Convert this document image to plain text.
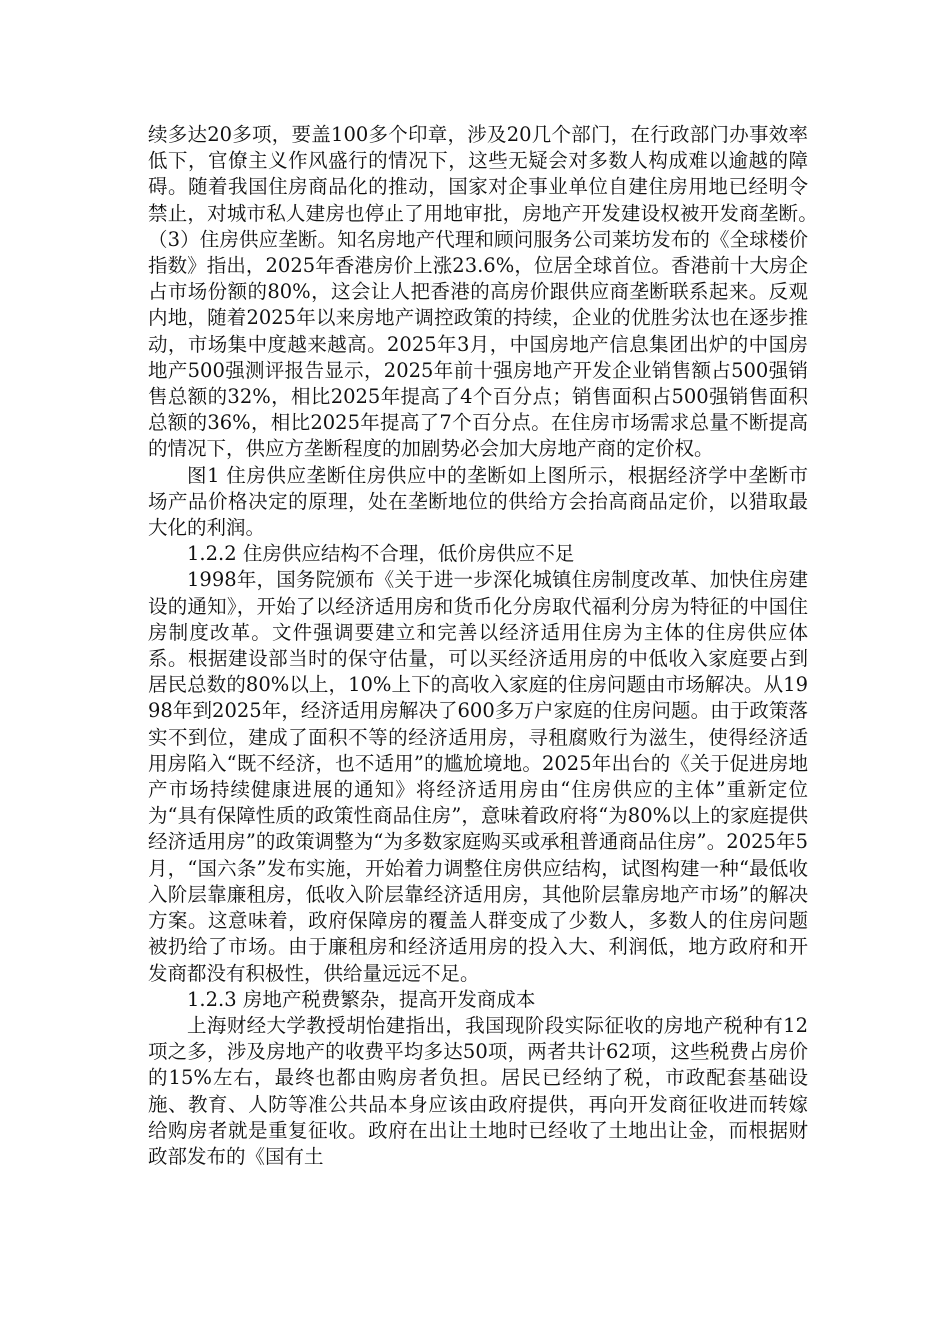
续多达20多项，要盖100多个印章，涉及20几个部门，在行政部门办事效率低下，官僚主义作风盛行的情况下，这些无疑会对多数人构成难以逾越的障碍。随着我国住房商品化的推动，国家对企事业单位自建住房用地已经明令禁止，对城市私人建房也停止了用地审批，房地产开发建设权被开发商垄断。　　　（3）住房供应垄断。知名房地产代理和顾问服务公司莱坊发布的《全球楼价指数》指出，2025年香港房价上涨23.6%，位居全球首位。香港前十大房企占市场份额的80%，这会让人把香港的高房价跟供应商垄断联系起来。反观内地，随着2025年以来房地产调控政策的持续，企业的优胜劣汰也在逐步推动，市场集中度越来越高。2025年3月，中国房地产信息集团出炉的中国房地产500强测评报告显示，2025年前十强房地产开发企业销售额占500强销售总额的32%，相比2025年提高了4个百分点；销售面积占500强销售面积总额的36%，相比2025年提高了7个百分点。在住房市场需求总量不断提高的情况下，供应方垄断程度的加剧势必会加大房地产商的定价权。

图1 住房供应垄断住房供应中的垄断如上图所示，根据经济学中垄断市场产品价格决定的原理，处在垄断地位的供给方会抬高商品定价，以猎取最大化的利润。

1.2.2 住房供应结构不合理，低价房供应不足

1998年，国务院颁布《关于进一步深化城镇住房制度改革、加快住房建设的通知》，开始了以经济适用房和货币化分房取代福利分房为特征的中国住房制度改革。文件强调要建立和完善以经济适用住房为主体的住房供应体系。根据建设部当时的保守估量，可以买经济适用房的中低收入家庭要占到居民总数的80%以上，10%上下的高收入家庭的住房问题由市场解决。从1998年到2025年，经济适用房解决了600多万户家庭的住房问题。由于政策落实不到位，建成了面积不等的经济适用房，寻租腐败行为滋生，使得经济适用房陷入“既不经济，也不适用”的尴尬境地。2025年出台的《关于促进房地产市场持续健康进展的通知》将经济适用房由“住房供应的主体”重新定位为“具有保障性质的政策性商品住房”，意味着政府将“为80%以上的家庭提供经济适用房”的政策调整为“为多数家庭购买或承租普通商品住房”。2025年5月，“国六条”发布实施，开始着力调整住房供应结构，试图构建一种“最低收入阶层靠廉租房，低收入阶层靠经济适用房，其他阶层靠房地产市场”的解决方案。这意味着，政府保障房的覆盖人群变成了少数人，多数人的住房问题被扔给了市场。由于廉租房和经济适用房的投入大、利润低，地方政府和开发商都没有积极性，供给量远远不足。

1.2.3 房地产税费繁杂，提高开发商成本

上海财经大学教授胡怡建指出，我国现阶段实际征收的房地产税种有12项之多，涉及房地产的收费平均多达50项，两者共计62项，这些税费占房价的15%左右，最终也都由购房者负担。居民已经纳了税，市政配套基础设施、教育、人防等准公共品本身应该由政府提供，再向开发商征收进而转嫁给购房者就是重复征收。政府在出让土地时已经收了土地出让金，而根据财政部发布的《国有土
